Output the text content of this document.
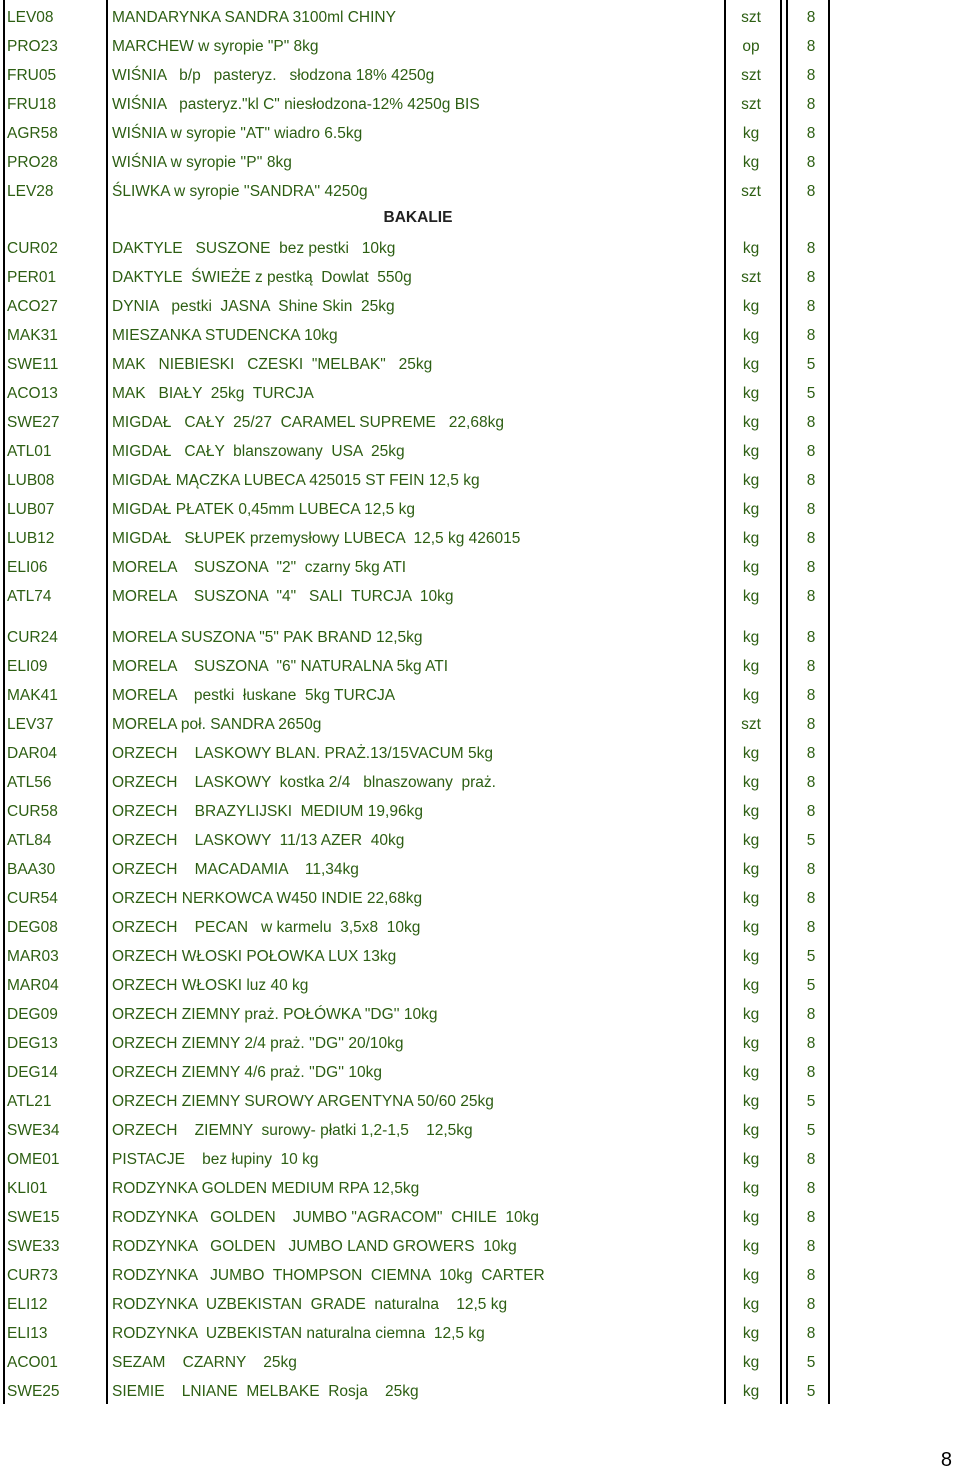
LEV08	MANDARYNKA SANDRA 3100ml CHINY	szt	8
PRO23	MARCHEW w syropie "P" 8kg	op	8
FRU05	WIŚNIA   b/p   pasteryz.   słodzona 18% 4250g	szt	8
FRU18	WIŚNIA   pasteryz."kl C" niesłodzona-12% 4250g BIS	szt	8
AGR58	WIŚNIA w syropie "AT" wiadro 6.5kg	kg	8
PRO28	WIŚNIA w syropie ''P'' 8kg	kg	8
LEV28	ŚLIWKA w syropie ''SANDRA'' 4250g	szt	8
BAKALIE
CUR02	DAKTYLE   SUSZONE  bez pestki   10kg	kg	8
PER01	DAKTYLE  ŚWIEŻE z pestką  Dowlat  550g	szt	8
ACO27	DYNIA   pestki  JASNA  Shine Skin  25kg	kg	8
MAK31	MIESZANKA STUDENCKA 10kg	kg	8
SWE11	MAK   NIEBIESKI   CZESKI  "MELBAK"   25kg	kg	5
ACO13	MAK   BIAŁY  25kg  TURCJA	kg	5
SWE27	MIGDAŁ   CAŁY  25/27  CARAMEL SUPREME   22,68kg	kg	8
ATL01	MIGDAŁ   CAŁY  blanszowany  USA  25kg	kg	8
LUB08	MIGDAŁ MĄCZKA LUBECA 425015 ST FEIN 12,5 kg	kg	8
LUB07	MIGDAŁ PŁATEK 0,45mm LUBECA 12,5 kg	kg	8
LUB12	MIGDAŁ   SŁUPEK przemysłowy LUBECA  12,5 kg 426015	kg	8
ELI06	MORELA    SUSZONA  "2"  czarny 5kg ATI	kg	8
ATL74	MORELA    SUSZONA  "4"   SALI  TURCJA  10kg	kg	8
CUR24	MORELA SUSZONA "5" PAK BRAND 12,5kg	kg	8
ELI09	MORELA    SUSZONA  "6" NATURALNA 5kg ATI	kg	8
MAK41	MORELA    pestki  łuskane  5kg TURCJA	kg	8
LEV37	MORELA poł. SANDRA 2650g	szt	8
DAR04	ORZECH    LASKOWY BLAN. PRAŻ.13/15VACUM 5kg	kg	8
ATL56	ORZECH    LASKOWY  kostka 2/4   blnaszowany  praż.	kg	8
CUR58	ORZECH    BRAZYLIJSKI  MEDIUM 19,96kg	kg	8
ATL84	ORZECH    LASKOWY  11/13 AZER  40kg	kg	5
BAA30	ORZECH    MACADAMIA    11,34kg	kg	8
CUR54	ORZECH NERKOWCA W450 INDIE 22,68kg	kg	8
DEG08	ORZECH    PECAN   w karmelu  3,5x8  10kg	kg	8
MAR03	ORZECH WŁOSKI POŁOWKA LUX 13kg	kg	5
MAR04	ORZECH WŁOSKI luz 40 kg	kg	5
DEG09	ORZECH ZIEMNY praż. POŁÓWKA "DG'' 10kg	kg	8
DEG13	ORZECH ZIEMNY 2/4 praż. ''DG'' 20/10kg	kg	8
DEG14	ORZECH ZIEMNY 4/6 praż. ''DG'' 10kg	kg	8
ATL21	ORZECH ZIEMNY SUROWY ARGENTYNA 50/60 25kg	kg	5
SWE34	ORZECH    ZIEMNY  surowy- płatki 1,2-1,5    12,5kg	kg	5
OME01	PISTACJE    bez łupiny  10 kg	kg	8
KLI01	RODZYNKA GOLDEN MEDIUM RPA 12,5kg	kg	8
SWE15	RODZYNKA   GOLDEN    JUMBO "AGRACOM"  CHILE  10kg	kg	8
SWE33	RODZYNKA   GOLDEN   JUMBO LAND GROWERS  10kg	kg	8
CUR73	RODZYNKA   JUMBO  THOMPSON  CIEMNA  10kg  CARTER	kg	8
ELI12	RODZYNKA  UZBEKISTAN  GRADE  naturalna    12,5 kg	kg	8
ELI13	RODZYNKA  UZBEKISTAN naturalna ciemna  12,5 kg	kg	8
ACO01	SEZAM    CZARNY    25kg	kg	5
SWE25	SIEMIE    LNIANE  MELBAKE  Rosja    25kg	kg	5
8
